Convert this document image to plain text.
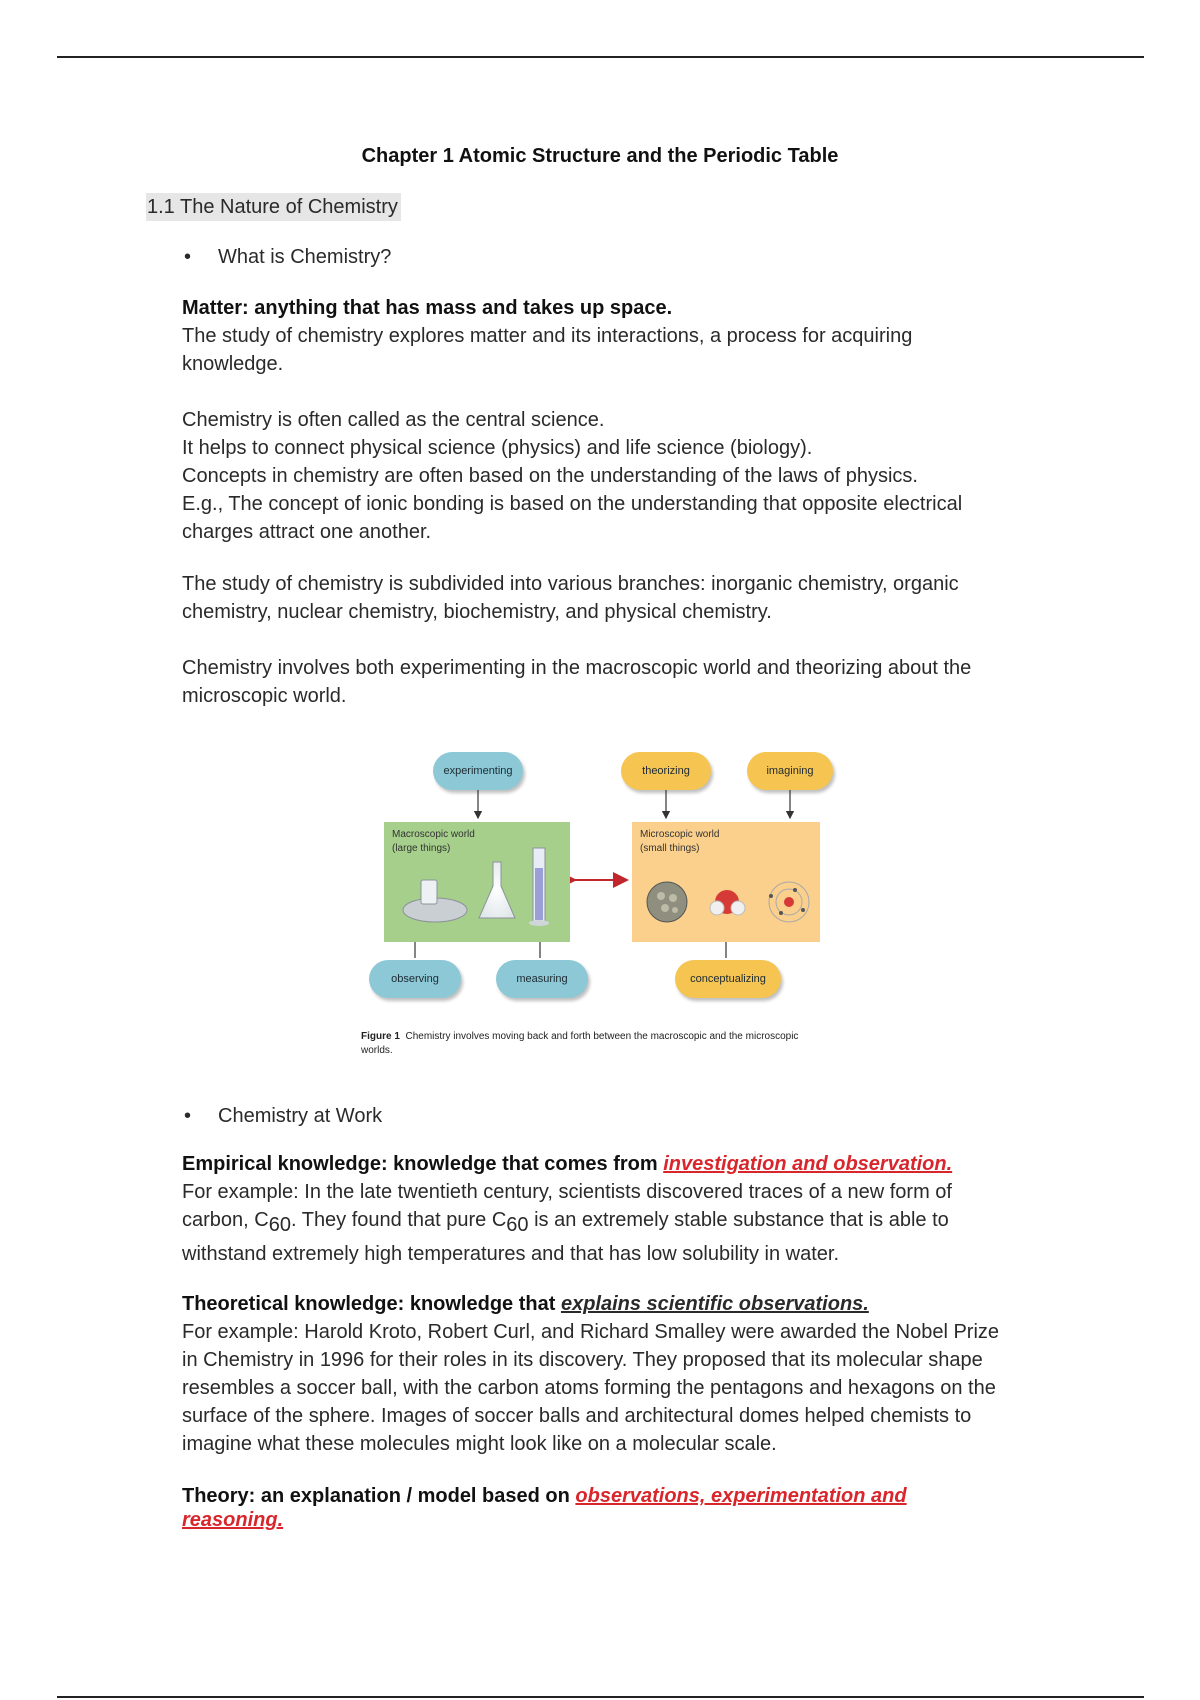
Chapter 1 Atomic Structure and the Periodic Table
1.1 The Nature of Chemistry
• What is Chemistry?
Matter: anything that has mass and takes up space.
The study of chemistry explores matter and its interactions, a process for acquiring
knowledge.
Chemistry is often called as the central science.
It helps to connect physical science (physics) and life science (biology).
Concepts in chemistry are often based on the understanding of the laws of physics.
E.g., The concept of ionic bonding is based on the understanding that opposite electrical
charges attract one another.
The study of chemistry is subdivided into various branches: inorganic chemistry, organic
chemistry, nuclear chemistry, biochemistry, and physical chemistry.
Chemistry involves both experimenting in the macroscopic world and theorizing about the
microscopic world.
experimenting	theorizing	imagining
Macroscopic world
(large things)
Microscopic world
(small things)
observing	measuring	conceptualizing
Figure 1 Chemistry involves moving back and forth between the macroscopic and the microscopic worlds.
• Chemistry at Work
Empirical knowledge: knowledge that comes from investigation and observation.
For example: In the late twentieth century, scientists discovered traces of a new form of
carbon, $C_{60}$. They found that pure $C_{60}$ is an extremely stable substance that is able to
withstand extremely high temperatures and that has low solubility in water.
Theoretical knowledge: knowledge that explains scientific observations.
For example: Harold Kroto, Robert Curl, and Richard Smalley were awarded the Nobel Prize
in Chemistry in 1996 for their roles in its discovery. They proposed that its molecular shape
resembles a soccer ball, with the carbon atoms forming the pentagons and hexagons on the
surface of the sphere. Images of soccer balls and architectural domes helped chemists to
imagine what these molecules might look like on a molecular scale.
Theory: an explanation / model based on observations, experimentation and
reasoning.
